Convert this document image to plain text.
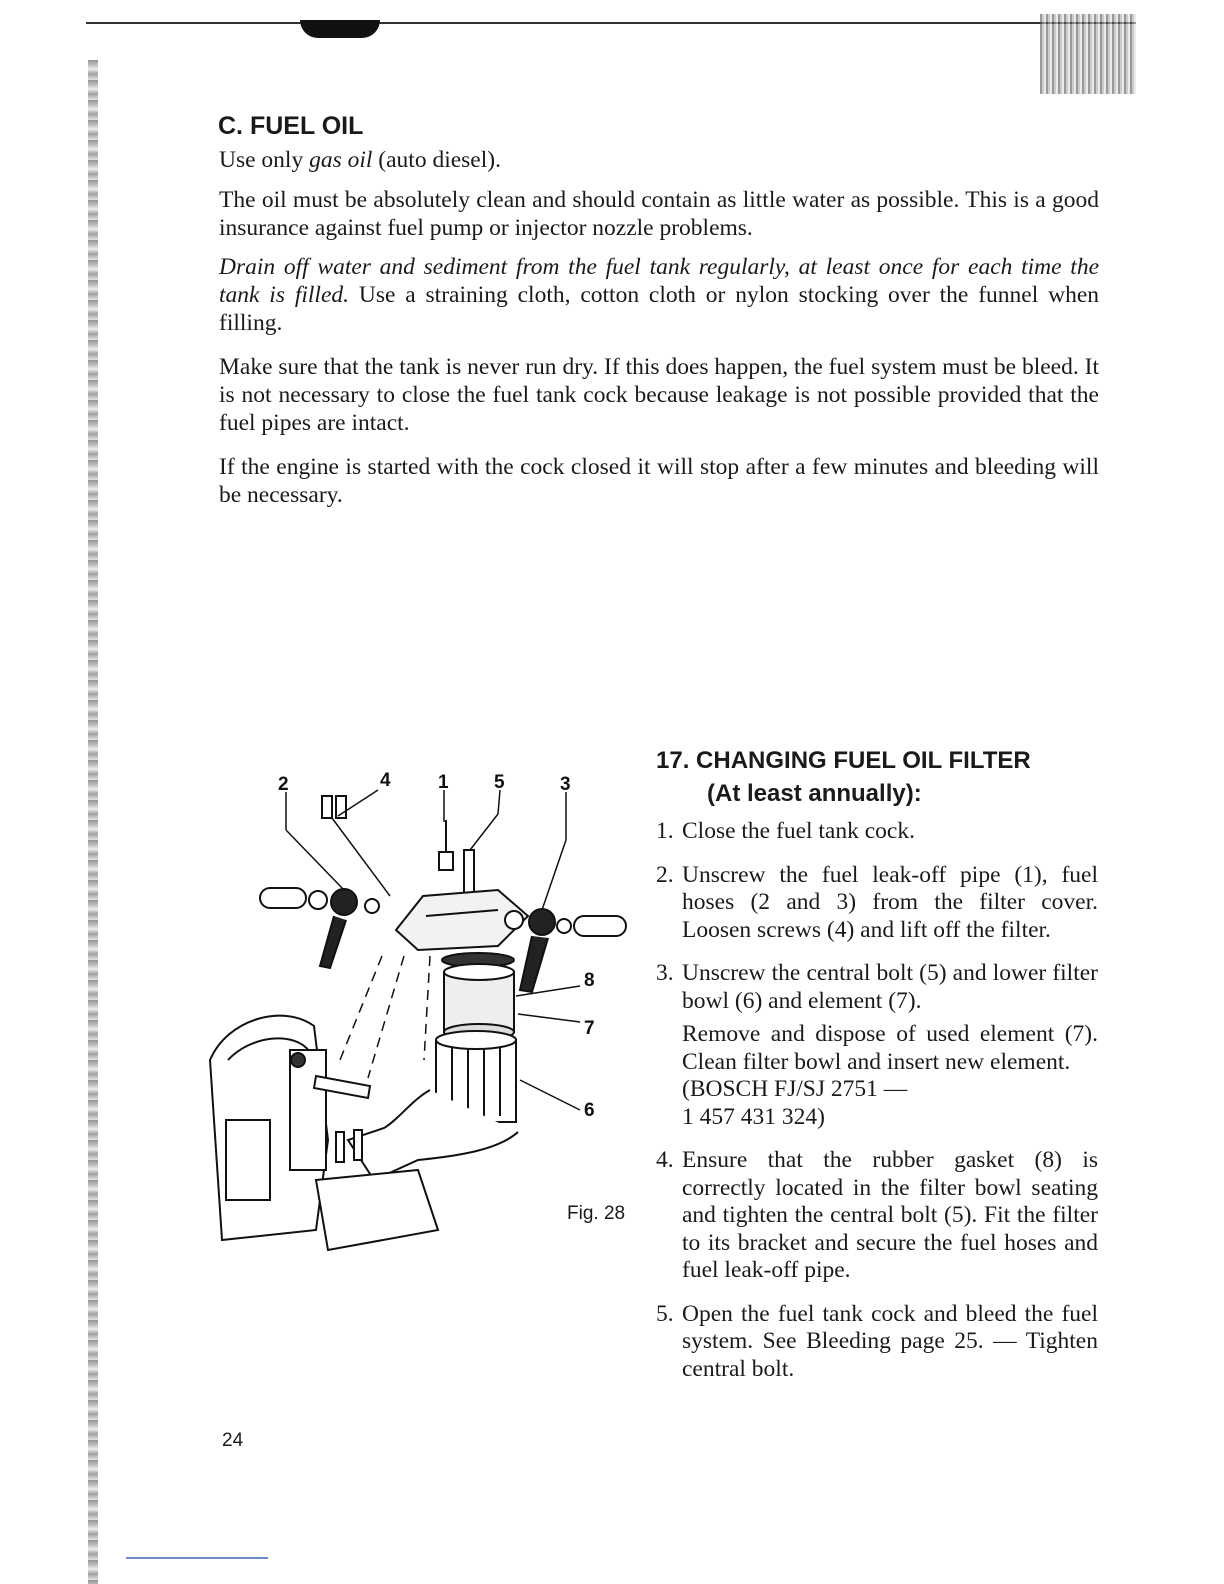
C. FUEL OIL

Use only gas oil (auto diesel).

The oil must be absolutely clean and should contain as little water as possible. This is a good insurance against fuel pump or injector nozzle problems.

Drain off water and sediment from the fuel tank regularly, at least once for each time the tank is filled. Use a straining cloth, cotton cloth or nylon stocking over the funnel when filling.

Make sure that the tank is never run dry. If this does happen, the fuel system must be bleed. It is not necessary to close the fuel tank cock because leakage is not possible provided that the fuel pipes are intact.

If the engine is started with the cock closed it will stop after a few minutes and bleeding will be necessary.

2	4 1 5	3
8
7
6
Fig. 28
17. CHANGING FUEL OIL FILTER
(At least annually):
1. Close the fuel tank cock.

2. Unscrew the fuel leak-off pipe (1), fuel hoses (2 and 3) from the filter cover. Loosen screws (4) and lift off the filter.

3. Unscrew the central bolt (5) and lower filter bowl (6) and element (7).

Remove and dispose of used element (7). Clean filter bowl and insert new element.
(BOSCH FJ/SJ 2751 —
1 457 431 324)

4. Ensure that the rubber gasket (8) is correctly located in the filter bowl seating and tighten the central bolt (5). Fit the filter to its bracket and secure the fuel hoses and fuel leak-off pipe.

5. Open the fuel tank cock and bleed the fuel system. See Bleeding page 25. — Tighten central bolt.

24
